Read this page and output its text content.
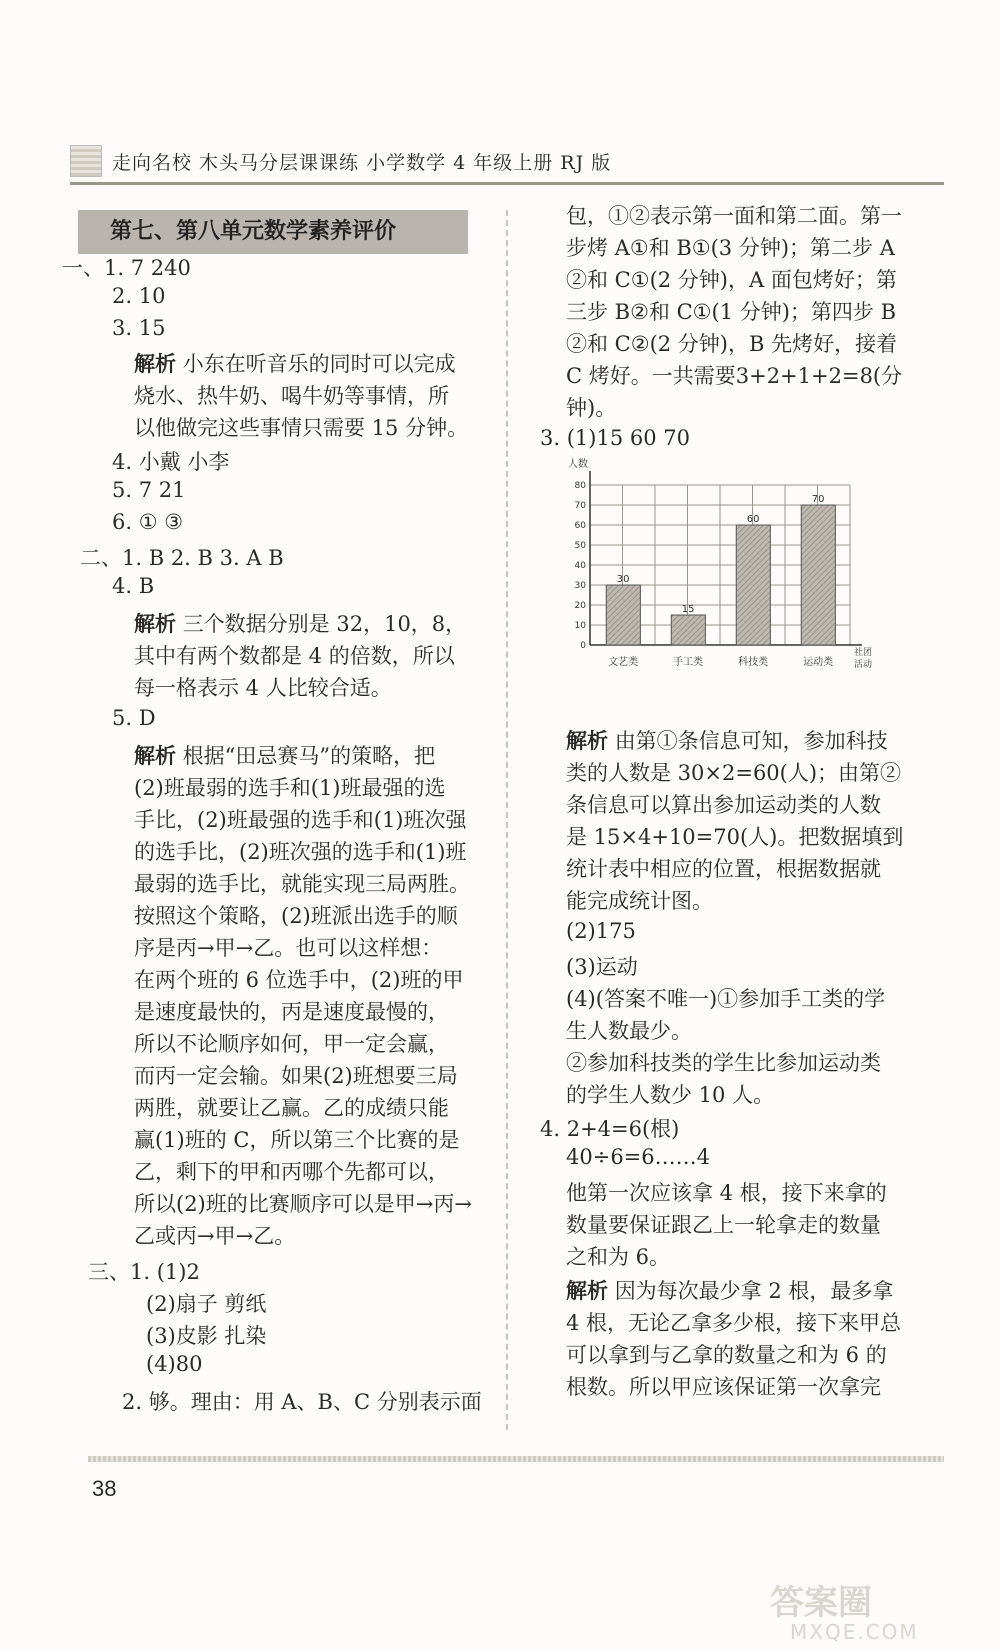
走向名校 木头马分层课课练 小学数学 4 年级上册 RJ 版
第七、第八单元数学素养评价
一、1. 7 240
2. 10
3. 15
解析 小东在听音乐的同时可以完成
烧水、热牛奶、喝牛奶等事情，所
以他做完这些事情只需要 15 分钟。
4. 小戴 小李
5. 7 21
6. ① ③
二、1. B 2. B 3. A B
4. B
解析 三个数据分别是 32，10，8，
其中有两个数都是 4 的倍数，所以
每一格表示 4 人比较合适。
5. D
解析 根据“田忌赛马”的策略，把
(2)班最弱的选手和(1)班最强的选
手比，(2)班最强的选手和(1)班次强
的选手比，(2)班次强的选手和(1)班
最弱的选手比，就能实现三局两胜。
按照这个策略，(2)班派出选手的顺
序是丙→甲→乙。也可以这样想：
在两个班的 6 位选手中，(2)班的甲
是速度最快的，丙是速度最慢的，
所以不论顺序如何，甲一定会赢，
而丙一定会输。如果(2)班想要三局
两胜，就要让乙赢。乙的成绩只能
赢(1)班的 C，所以第三个比赛的是
乙，剩下的甲和丙哪个先都可以，
所以(2)班的比赛顺序可以是甲→丙→
乙或丙→甲→乙。
三、1. (1)2
(2)扇子 剪纸
(3)皮影 扎染
(4)80
2. 够。理由：用 A、B、C 分别表示面
包，①②表示第一面和第二面。第一
步烤 A①和 B①(3 分钟)；第二步 A
②和 C①(2 分钟)，A 面包烤好；第
三步 B②和 C①(1 分钟)；第四步 B
②和 C②(2 分钟)，B 先烤好，接着
C 烤好。一共需要3+2+1+2=8(分
钟)。
3. (1)15 60 70
解析 由第①条信息可知，参加科技
类的人数是 30×2=60(人)；由第②
条信息可以算出参加运动类的人数
是 15×4+10=70(人)。把数据填到
统计表中相应的位置，根据数据就
能完成统计图。
(2)175
(3)运动
(4)(答案不唯一)①参加手工类的学
生人数最少。
②参加科技类的学生比参加运动类
的学生人数少 10 人。
4. 2+4=6(根)
40÷6=6……4
他第一次应该拿 4 根，接下来拿的
数量要保证跟乙上一轮拿走的数量
之和为 6。
解析 因为每次最少拿 2 根，最多拿
4 根，无论乙拿多少根，接下来甲总
可以拿到与乙拿的数量之和为 6 的
根数。所以甲应该保证第一次拿完
0
10
20
30
40
50
60
70
80
30
文艺类
15
手工类
60
科技类
70
运动类
人数
社团
活动
38
答案圈
MXQE.COM
